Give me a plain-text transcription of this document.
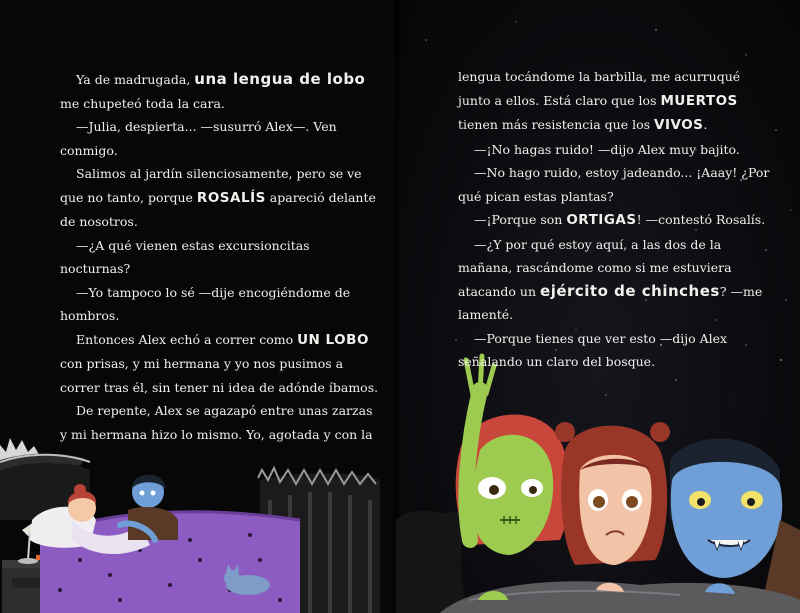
Ya de madrugada, una lengua de lobo me chupeteó toda la cara.

—Julia, despierta... —susurró Alex—. Ven conmigo.

Salimos al jardín silenciosamente, pero se ve que no tanto, porque ROSALÍS apareció delante de nosotros.

—¿A qué vienen estas excursioncitas nocturnas?

—Yo tampoco lo sé —dije encogiéndome de hombros.

Entonces Alex echó a correr como UN LOBO con prisas, y mi hermana y yo nos pusimos a correr tras él, sin tener ni idea de adónde íbamos.

De repente, Alex se agazapó entre unas zarzas y mi hermana hizo lo mismo. Yo, agotada y con la

lengua tocándome la barbilla, me acurruqué junto a ellos. Está claro que los MUERTOS tienen más resistencia que los VIVOS.

—¡No hagas ruido! —dijo Alex muy bajito.

—No hago ruido, estoy jadeando... ¡Aaay! ¿Por qué pican estas plantas?

—¡Porque son ORTIGAS! —contestó Rosalís.

—¿Y por qué estoy aquí, a las dos de la mañana, rascándome como si me estuviera atacando un ejército de chinches? —me lamenté.

—Porque tienes que ver esto —dijo Alex señalando un claro del bosque.
